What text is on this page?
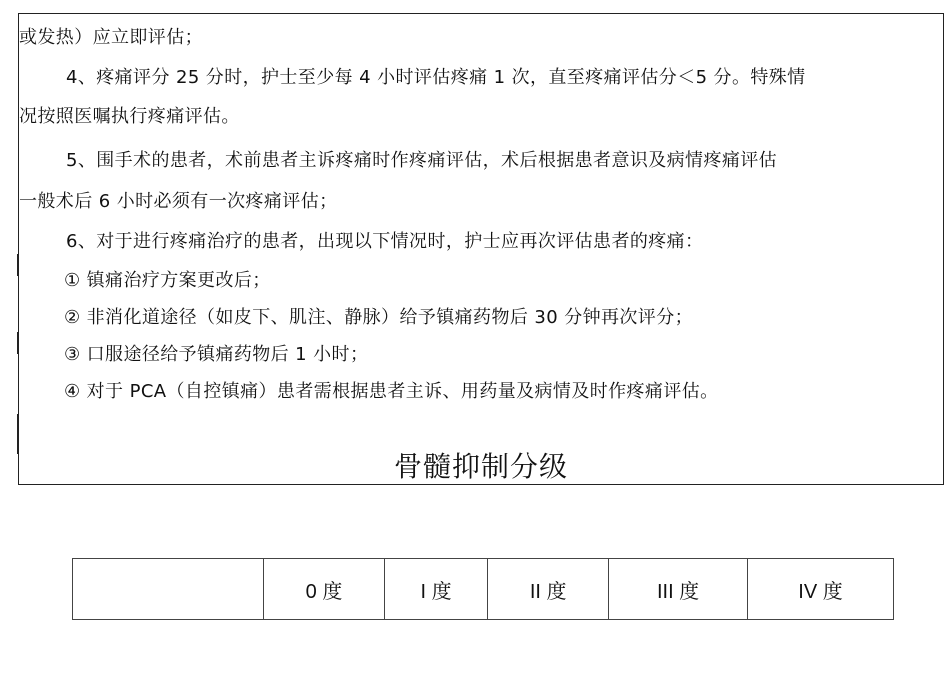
或发热）应立即评估；
4、疼痛评分 25 分时，护士至少每 4 小时评估疼痛 1 次，直至疼痛评估分＜5 分。特殊情
况按照医嘱执行疼痛评估。
5、围手术的患者，术前患者主诉疼痛时作疼痛评估，术后根据患者意识及病情疼痛评估
一般术后 6 小时必须有一次疼痛评估；
6、对于进行疼痛治疗的患者，出现以下情况时，护士应再次评估患者的疼痛：
① 镇痛治疗方案更改后；
② 非消化道途径（如皮下、肌注、静脉）给予镇痛药物后 30 分钟再次评分；
③ 口服途径给予镇痛药物后 1 小时；
④ 对于 PCA（自控镇痛）患者需根据患者主诉、用药量及病情及时作疼痛评估。
骨髓抑制分级
	0 度	I 度	II 度	III 度	IV 度
